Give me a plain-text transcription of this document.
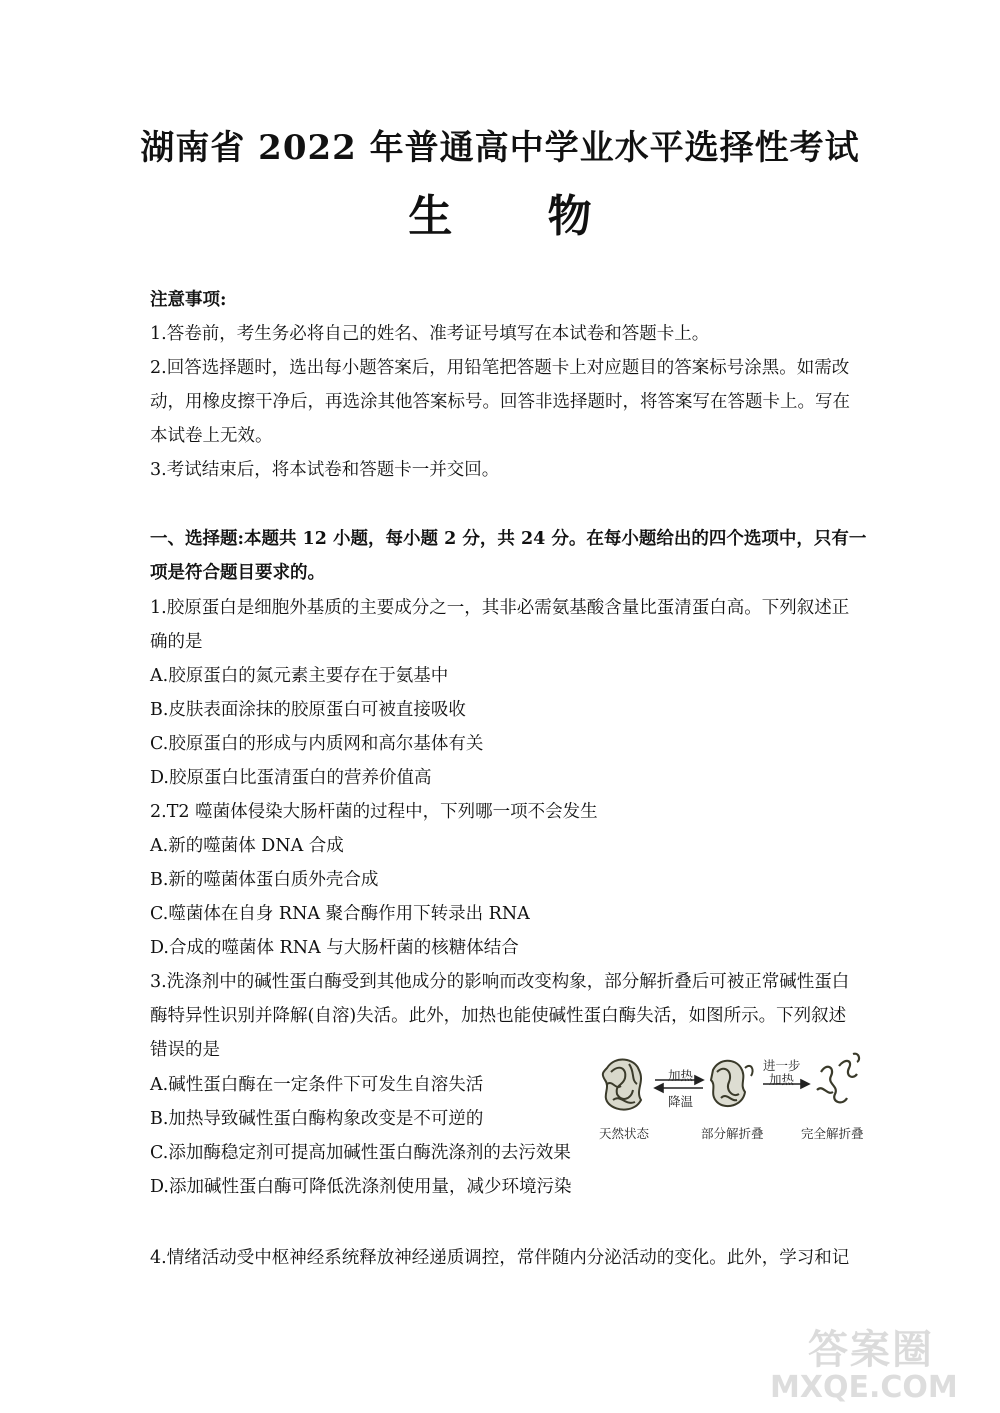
湖南省 2022 年普通高中学业水平选择性考试
生 物
注意事项:
1.答卷前，考生务必将自己的姓名、准考证号填写在本试卷和答题卡上。
2.回答选择题时，选出每小题答案后，用铅笔把答题卡上对应题目的答案标号涂黑。如需改
动，用橡皮擦干净后，再选涂其他答案标号。回答非选择题时，将答案写在答题卡上。写在
本试卷上无效。
3.考试结束后，将本试卷和答题卡一并交回。
一、选择题:本题共 12 小题，每小题 2 分，共 24 分。在每小题给出的四个选项中，只有一
项是符合题目要求的。
1.胶原蛋白是细胞外基质的主要成分之一，其非必需氨基酸含量比蛋清蛋白高。下列叙述正
确的是
A.胶原蛋白的氮元素主要存在于氨基中
B.皮肤表面涂抹的胶原蛋白可被直接吸收
C.胶原蛋白的形成与内质网和高尔基体有关
D.胶原蛋白比蛋清蛋白的营养价值高
2.T2 噬菌体侵染大肠杆菌的过程中，下列哪一项不会发生
A.新的噬菌体 DNA 合成
B.新的噬菌体蛋白质外壳合成
C.噬菌体在自身 RNA 聚合酶作用下转录出 RNA
D.合成的噬菌体 RNA 与大肠杆菌的核糖体结合
3.洗涤剂中的碱性蛋白酶受到其他成分的影响而改变构象，部分解折叠后可被正常碱性蛋白
酶特异性识别并降解(自溶)失活。此外，加热也能使碱性蛋白酶失活，如图所示。下列叙述
错误的是
A.碱性蛋白酶在一定条件下可发生自溶失活
B.加热导致碱性蛋白酶构象改变是不可逆的
C.添加酶稳定剂可提高加碱性蛋白酶洗涤剂的去污效果
D.添加碱性蛋白酶可降低洗涤剂使用量，减少环境污染
加热
降温
进一步
加热
天然状态	部分解折叠	完全解折叠
4.情绪活动受中枢神经系统释放神经递质调控，常伴随内分泌活动的变化。此外，学习和记
答案圈
MXQE.COM
